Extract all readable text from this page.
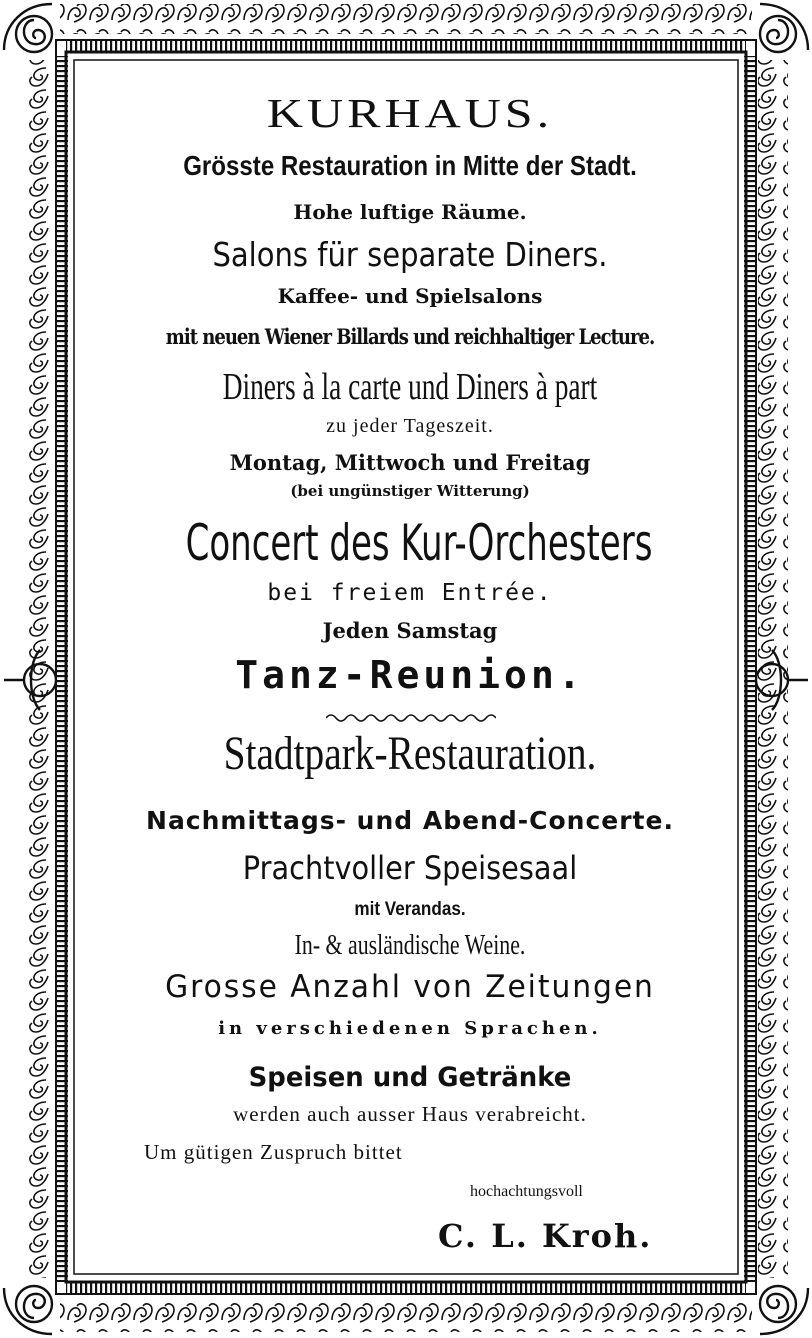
KURHAUS.
Grösste Restauration in Mitte der Stadt.
Hohe luftige Räume.
Salons für separate Diners.
Kaffee- und Spielsalons
mit neuen Wiener Billards und reichhaltiger Lecture.
Diners à la carte und Diners à part
zu jeder Tageszeit.
Montag, Mittwoch und Freitag
(bei ungünstiger Witterung)
Concert des Kur-Orchesters
bei freiem Entrée.
Jeden Samstag
Tanz-Reunion.
Stadtpark-Restauration.
Nachmittags- und Abend-Concerte.
Prachtvoller Speisesaal
mit Verandas.
In- & ausländische Weine.
Grosse Anzahl von Zeitungen
in verschiedenen Sprachen.
Speisen und Getränke
werden auch ausser Haus verabreicht.
Um gütigen Zuspruch bittet
hochachtungsvoll
C. L. Kroh.
